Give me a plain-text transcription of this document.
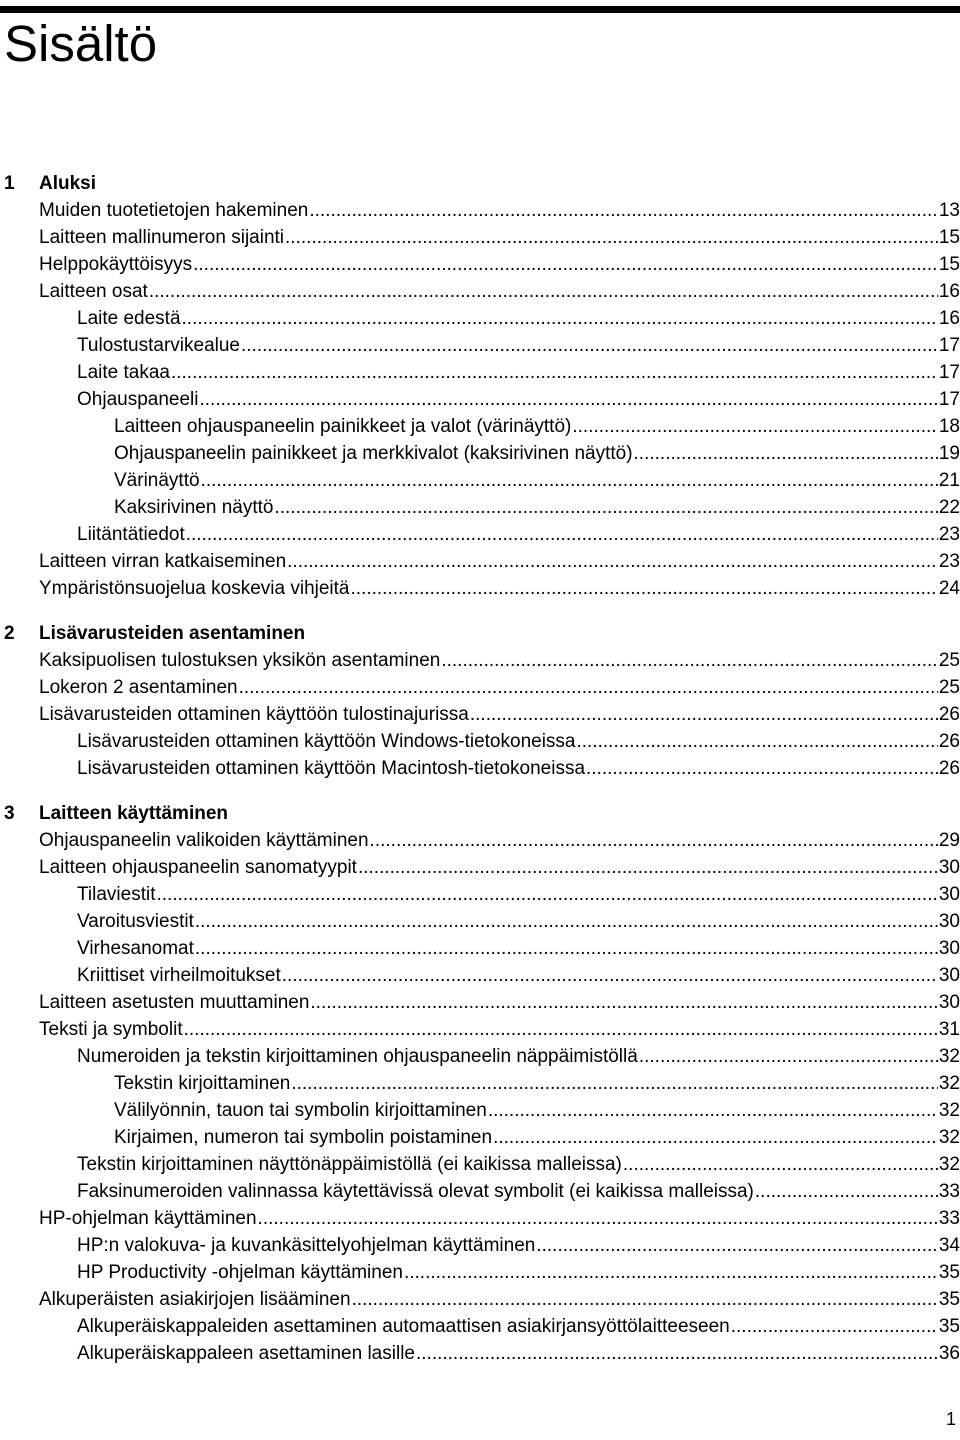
Sisältö
1 Aluksi
Muiden tuotetietojen hakeminen .....	13
Laitteen mallinumeron sijainti .....	15
Helppokäyttöisyys .....	15
Laitteen osat .....	16
Laite edestä .....	16
Tulostustarvikealue .....	17
Laite takaa .....	17
Ohjauspaneeli .....	17
Laitteen ohjauspaneelin painikkeet ja valot (värinäyttö) .....	18
Ohjauspaneelin painikkeet ja merkkivalot (kaksirivinen näyttö) .....	19
Värinäyttö .....	21
Kaksirivinen näyttö .....	22
Liitäntätiedot .....	23
Laitteen virran katkaiseminen .....	23
Ympäristönsuojelua koskevia vihjeitä .....	24
2 Lisävarusteiden asentaminen
Kaksipuolisen tulostuksen yksikön asentaminen .....	25
Lokeron 2 asentaminen .....	25
Lisävarusteiden ottaminen käyttöön tulostinajurissa .....	26
Lisävarusteiden ottaminen käyttöön Windows-tietokoneissa .....	26
Lisävarusteiden ottaminen käyttöön Macintosh-tietokoneissa .....	26
3 Laitteen käyttäminen
Ohjauspaneelin valikoiden käyttäminen .....	29
Laitteen ohjauspaneelin sanomatyypit .....	30
Tilaviestit .....	30
Varoitusviestit .....	30
Virhesanomat .....	30
Kriittiset virheilmoitukset .....	30
Laitteen asetusten muuttaminen .....	30
Teksti ja symbolit .....	31
Numeroiden ja tekstin kirjoittaminen ohjauspaneelin näppäimistöllä .....	32
Tekstin kirjoittaminen .....	32
Välilyönnin, tauon tai symbolin kirjoittaminen .....	32
Kirjaimen, numeron tai symbolin poistaminen .....	32
Tekstin kirjoittaminen näyttönäppäimistöllä (ei kaikissa malleissa) .....	32
Faksinumeroiden valinnassa käytettävissä olevat symbolit (ei kaikissa malleissa) .....	33
HP-ohjelman käyttäminen .....	33
HP:n valokuva- ja kuvankäsittelyohjelman käyttäminen .....	34
HP Productivity -ohjelman käyttäminen .....	35
Alkuperäisten asiakirjojen lisääminen .....	35
Alkuperäiskappaleiden asettaminen automaattisen asiakirjansyöttölaitteeseen .....	35
Alkuperäiskappaleen asettaminen lasille .....	36
1
